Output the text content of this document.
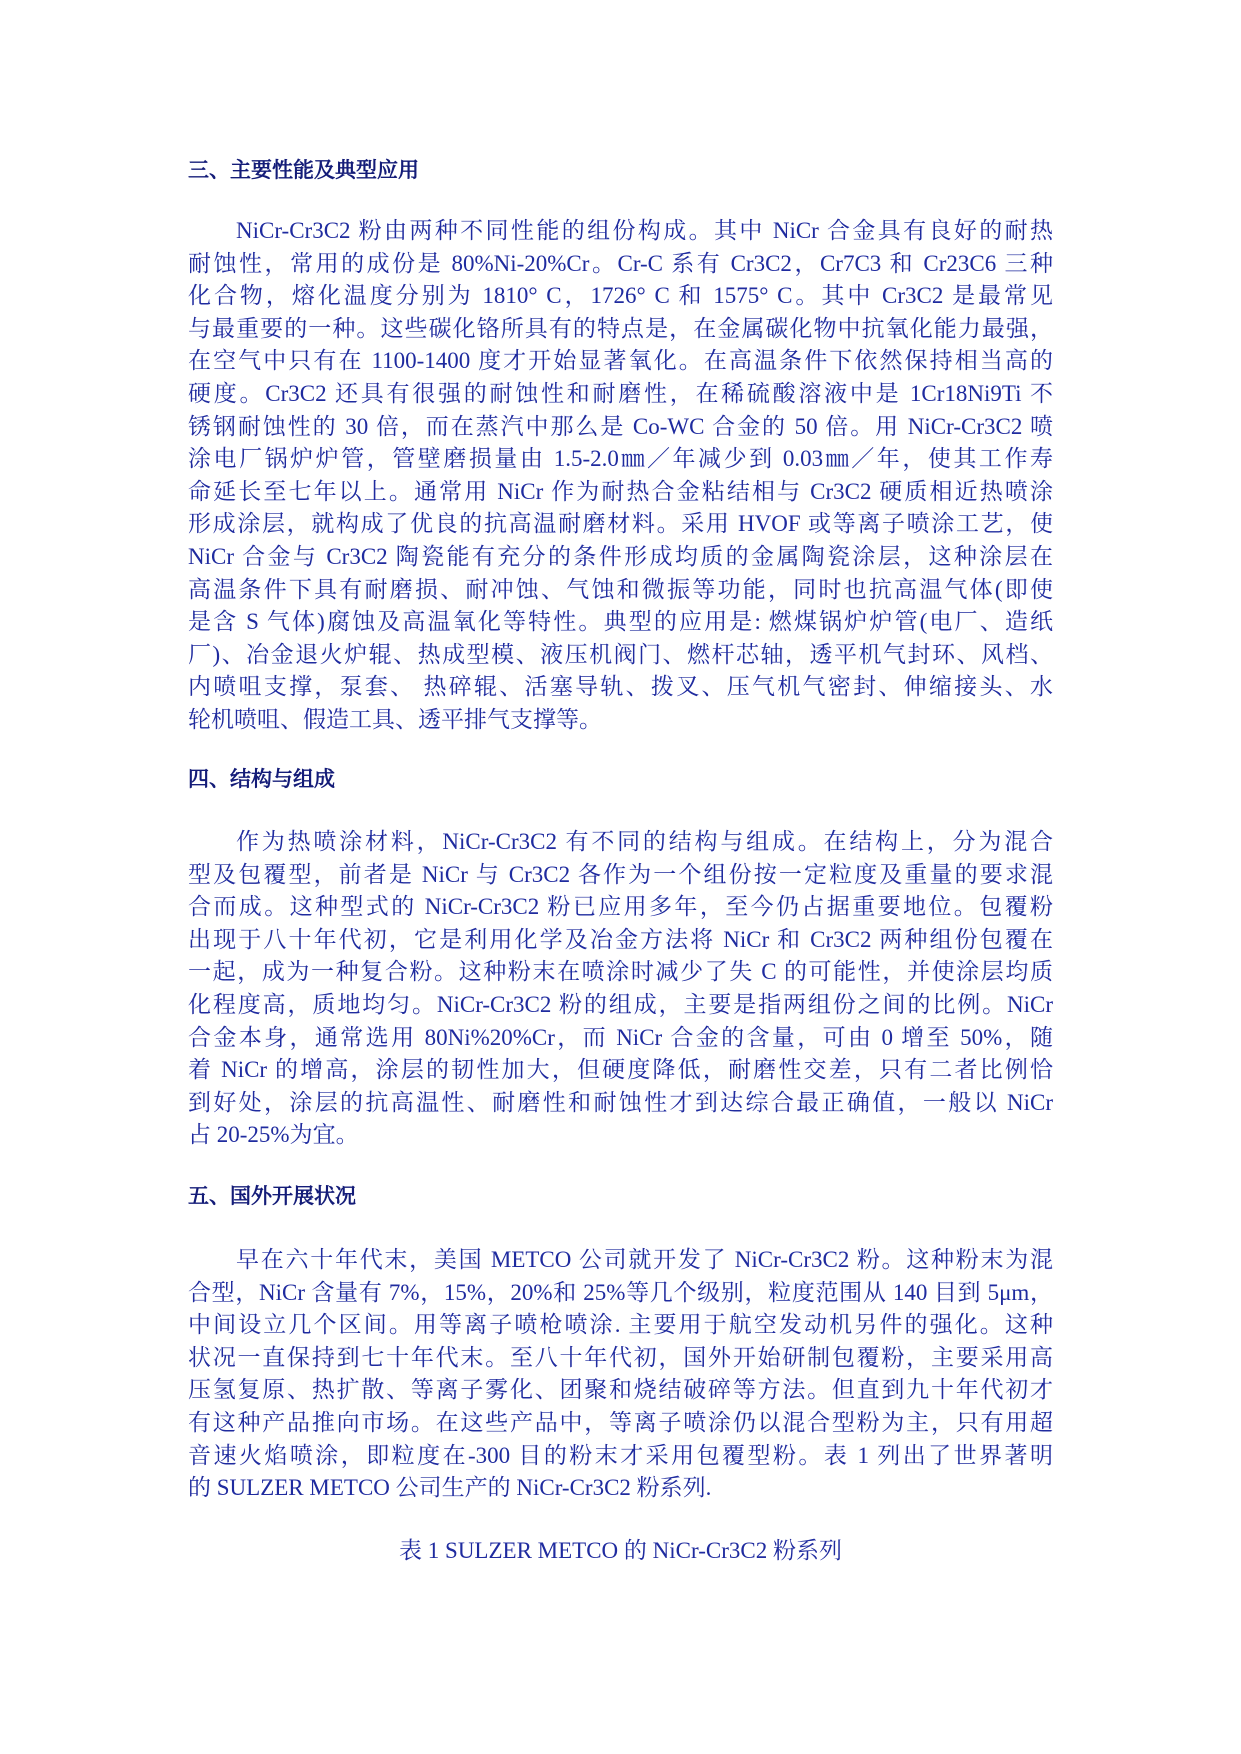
三、主要性能及典型应用
NiCr-Cr3C2 粉由两种不同性能的组份构成。其中 NiCr 合金具有良好的耐热
耐蚀性，常用的成份是 80%Ni-20%Cr。Cr-C 系有 Cr3C2，Cr7C3 和 Cr23C6 三种
化合物，熔化温度分别为 1810° C，1726° C 和 1575° C。其中 Cr3C2 是最常见
与最重要的一种。这些碳化铬所具有的特点是，在金属碳化物中抗氧化能力最强，
在空气中只有在 1100-1400 度才开始显著氧化。在高温条件下依然保持相当高的
硬度。Cr3C2 还具有很强的耐蚀性和耐磨性，在稀硫酸溶液中是 1Cr18Ni9Ti 不
锈钢耐蚀性的 30 倍，而在蒸汽中那么是 Co-WC 合金的 50 倍。用 NiCr-Cr3C2 喷
涂电厂锅炉炉管，管壁磨损量由 1.5-2.0㎜／年减少到 0.03㎜／年，使其工作寿
命延长至七年以上。通常用 NiCr 作为耐热合金粘结相与 Cr3C2 硬质相近热喷涂
形成涂层，就构成了优良的抗高温耐磨材料。采用 HVOF 或等离子喷涂工艺，使
NiCr 合金与 Cr3C2 陶瓷能有充分的条件形成均质的金属陶瓷涂层，这种涂层在
高温条件下具有耐磨损、耐冲蚀、气蚀和微振等功能，同时也抗高温气体(即使
是含 S 气体)腐蚀及高温氧化等特性。典型的应用是: 燃煤锅炉炉管(电厂、造纸
厂)、冶金退火炉辊、热成型模、液压机阀门、燃杆芯轴，透平机气封环、风档、
内喷咀支撑，泵套、 热碎辊、活塞导轨、拨叉、压气机气密封、伸缩接头、水
轮机喷咀、假造工具、透平排气支撑等。
四、结构与组成
作为热喷涂材料，NiCr-Cr3C2 有不同的结构与组成。在结构上，分为混合
型及包覆型，前者是 NiCr 与 Cr3C2 各作为一个组份按一定粒度及重量的要求混
合而成。这种型式的 NiCr-Cr3C2 粉已应用多年，至今仍占据重要地位。包覆粉
出现于八十年代初，它是利用化学及冶金方法将 NiCr 和 Cr3C2 两种组份包覆在
一起，成为一种复合粉。这种粉末在喷涂时减少了失 C 的可能性，并使涂层均质
化程度高，质地均匀。NiCr-Cr3C2 粉的组成，主要是指两组份之间的比例。NiCr
合金本身，通常选用 80Ni%20%Cr，而 NiCr 合金的含量，可由 0 增至 50%，随
着 NiCr 的增高，涂层的韧性加大，但硬度降低，耐磨性交差，只有二者比例恰
到好处，涂层的抗高温性、耐磨性和耐蚀性才到达综合最正确值，一般以 NiCr
占 20-25%为宜。
五、国外开展状况
早在六十年代末，美国 METCO 公司就开发了 NiCr-Cr3C2 粉。这种粉末为混
合型，NiCr 含量有 7%，15%，20%和 25%等几个级别，粒度范围从 140 目到 5μm，
中间设立几个区间。用等离子喷枪喷涂. 主要用于航空发动机另件的强化。这种
状况一直保持到七十年代末。至八十年代初，国外开始研制包覆粉，主要采用高
压氢复原、热扩散、等离子雾化、团聚和烧结破碎等方法。但直到九十年代初才
有这种产品推向市场。在这些产品中，等离子喷涂仍以混合型粉为主，只有用超
音速火焰喷涂，即粒度在-300 目的粉末才采用包覆型粉。表 1 列出了世界著明
的 SULZER METCO 公司生产的 NiCr-Cr3C2 粉系列.
表 1 SULZER METCO 的 NiCr-Cr3C2 粉系列
